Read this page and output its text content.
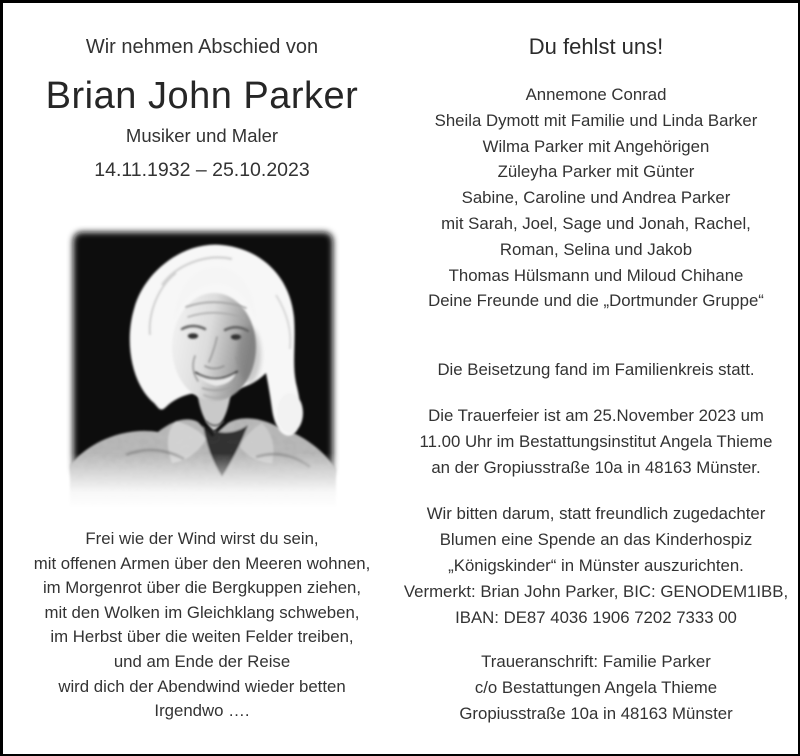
Wir nehmen Abschied von
Brian John Parker
Musiker und Maler
14.11.1932 – 25.10.2023
Frei wie der Wind wirst du sein,
mit offenen Armen über den Meeren wohnen,
im Morgenrot über die Bergkuppen ziehen,
mit den Wolken im Gleichklang schweben,
im Herbst über die weiten Felder treiben,
und am Ende der Reise
wird dich der Abendwind wieder betten
Irgendwo ….
Du fehlst uns!
Annemone Conrad
Sheila Dymott mit Familie und Linda Barker
Wilma Parker mit Angehörigen
Züleyha Parker mit Günter
Sabine, Caroline und Andrea Parker
mit Sarah, Joel, Sage und Jonah, Rachel,
Roman, Selina und Jakob
Thomas Hülsmann und Miloud Chihane
Deine Freunde und die „Dortmunder Gruppe“
Die Beisetzung fand im Familienkreis statt.
Die Trauerfeier ist am 25.November 2023 um
11.00 Uhr im Bestattungsinstitut Angela Thieme
an der Gropiusstraße 10a in 48163 Münster.
Wir bitten darum, statt freundlich zugedachter
Blumen eine Spende an das Kinderhospiz
„Königskinder“ in Münster auszurichten.
Vermerkt: Brian John Parker, BIC: GENODEM1IBB,
IBAN: DE87 4036 1906 7202 7333 00
Traueranschrift: Familie Parker
c/o Bestattungen Angela Thieme
Gropiusstraße 10a in 48163 Münster
